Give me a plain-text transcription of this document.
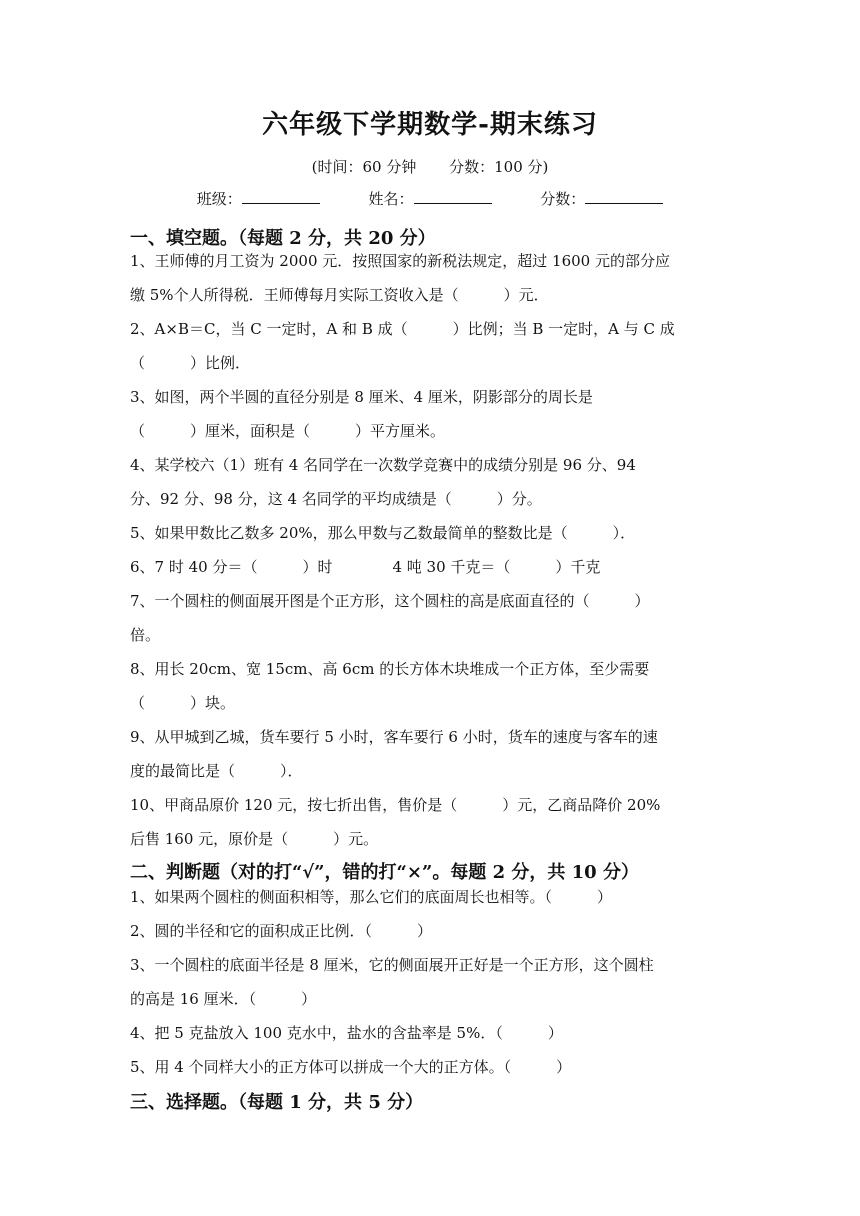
六年级下学期数学-期末练习
(时间：60 分钟 分数：100 分)
班级：	姓名：	分数：
一、填空题。（每题 2 分，共 20 分）
1、王师傅的月工资为 2000 元．按照国家的新税法规定，超过 1600 元的部分应
缴 5%个人所得税．王师傅每月实际工资收入是（　　　）元．
2、A×B＝C，当 C 一定时，A 和 B 成（　　　）比例；当 B 一定时，A 与 C 成
（　　　）比例．
3、如图，两个半圆的直径分别是 8 厘米、4 厘米，阴影部分的周长是
（　　　）厘米，面积是（　　　）平方厘米。
4、某学校六（1）班有 4 名同学在一次数学竞赛中的成绩分别是 96 分、94
分、92 分、98 分，这 4 名同学的平均成绩是（　　　）分。
5、如果甲数比乙数多 20%，那么甲数与乙数最简单的整数比是（　　　）．
6、7 时 40 分＝（　　　）时　　　　4 吨 30 千克＝（　　　）千克
7、一个圆柱的侧面展开图是个正方形，这个圆柱的高是底面直径的（　　　）
倍。
8、用长 20cm、宽 15cm、高 6cm 的长方体木块堆成一个正方体，至少需要
（　　　）块。
9、从甲城到乙城，货车要行 5 小时，客车要行 6 小时，货车的速度与客车的速
度的最简比是（　　　）．
10、甲商品原价 120 元，按七折出售，售价是（　　　）元，乙商品降价 20%
后售 160 元，原价是（　　　）元。
二、判断题（对的打“√”，错的打“×”。每题 2 分，共 10 分）
1、如果两个圆柱的侧面积相等，那么它们的底面周长也相等。（　　　）
2、圆的半径和它的面积成正比例．（　　　）
3、一个圆柱的底面半径是 8 厘米，它的侧面展开正好是一个正方形，这个圆柱
的高是 16 厘米．（　　　）
4、把 5 克盐放入 100 克水中，盐水的含盐率是 5%．（　　　）
5、用 4 个同样大小的正方体可以拼成一个大的正方体。（　　　）
三、选择题。（每题 1 分，共 5 分）
